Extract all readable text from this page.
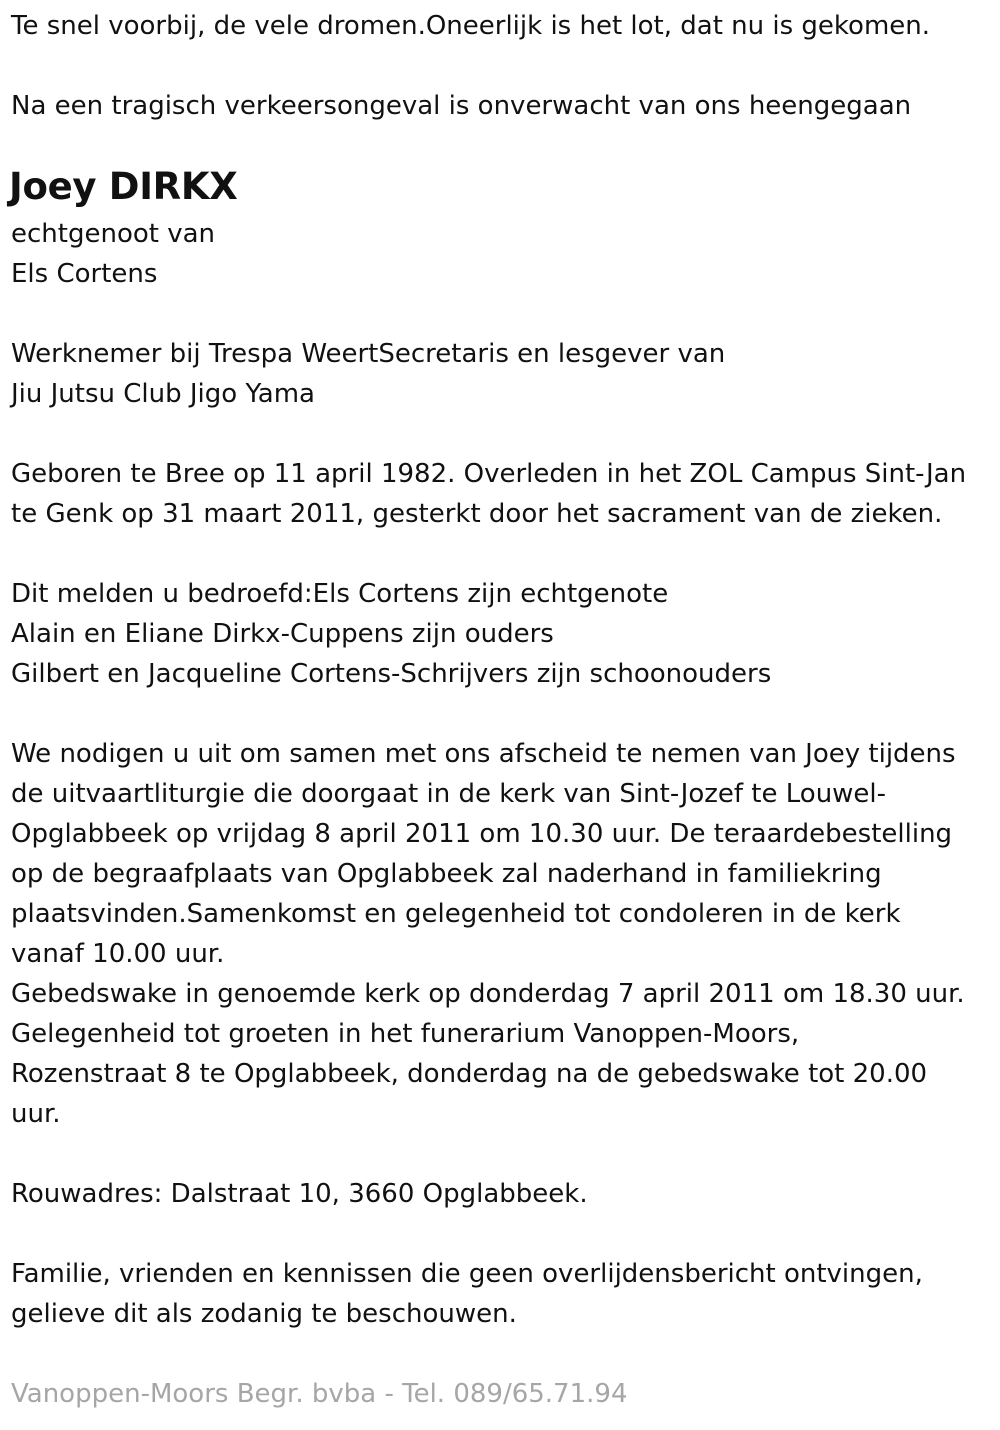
Te snel voorbij, de vele dromen.Oneerlijk is het lot, dat nu is gekomen.
Na een tragisch verkeersongeval is onverwacht van ons heengegaan
Joey DIRKX
echtgenoot van
Els Cortens
Werknemer bij Trespa WeertSecretaris en lesgever van
Jiu Jutsu Club Jigo Yama
Geboren te Bree op 11 april 1982. Overleden in het ZOL Campus Sint-Jan
te Genk op 31 maart 2011, gesterkt door het sacrament van de zieken.
Dit melden u bedroefd:Els Cortens zijn echtgenote
Alain en Eliane Dirkx-Cuppens zijn ouders
Gilbert en Jacqueline Cortens-Schrijvers zijn schoonouders
We nodigen u uit om samen met ons afscheid te nemen van Joey tijdens
de uitvaartliturgie die doorgaat in de kerk van Sint-Jozef te Louwel-
Opglabbeek op vrijdag 8 april 2011 om 10.30 uur. De teraardebestelling
op de begraafplaats van Opglabbeek zal naderhand in familiekring
plaatsvinden.Samenkomst en gelegenheid tot condoleren in de kerk
vanaf 10.00 uur.
Gebedswake in genoemde kerk op donderdag 7 april 2011 om 18.30 uur.
Gelegenheid tot groeten in het funerarium Vanoppen-Moors,
Rozenstraat 8 te Opglabbeek, donderdag na de gebedswake tot 20.00
uur.
Rouwadres: Dalstraat 10, 3660 Opglabbeek.
Familie, vrienden en kennissen die geen overlijdensbericht ontvingen,
gelieve dit als zodanig te beschouwen.
Vanoppen-Moors Begr. bvba - Tel. 089/65.71.94
